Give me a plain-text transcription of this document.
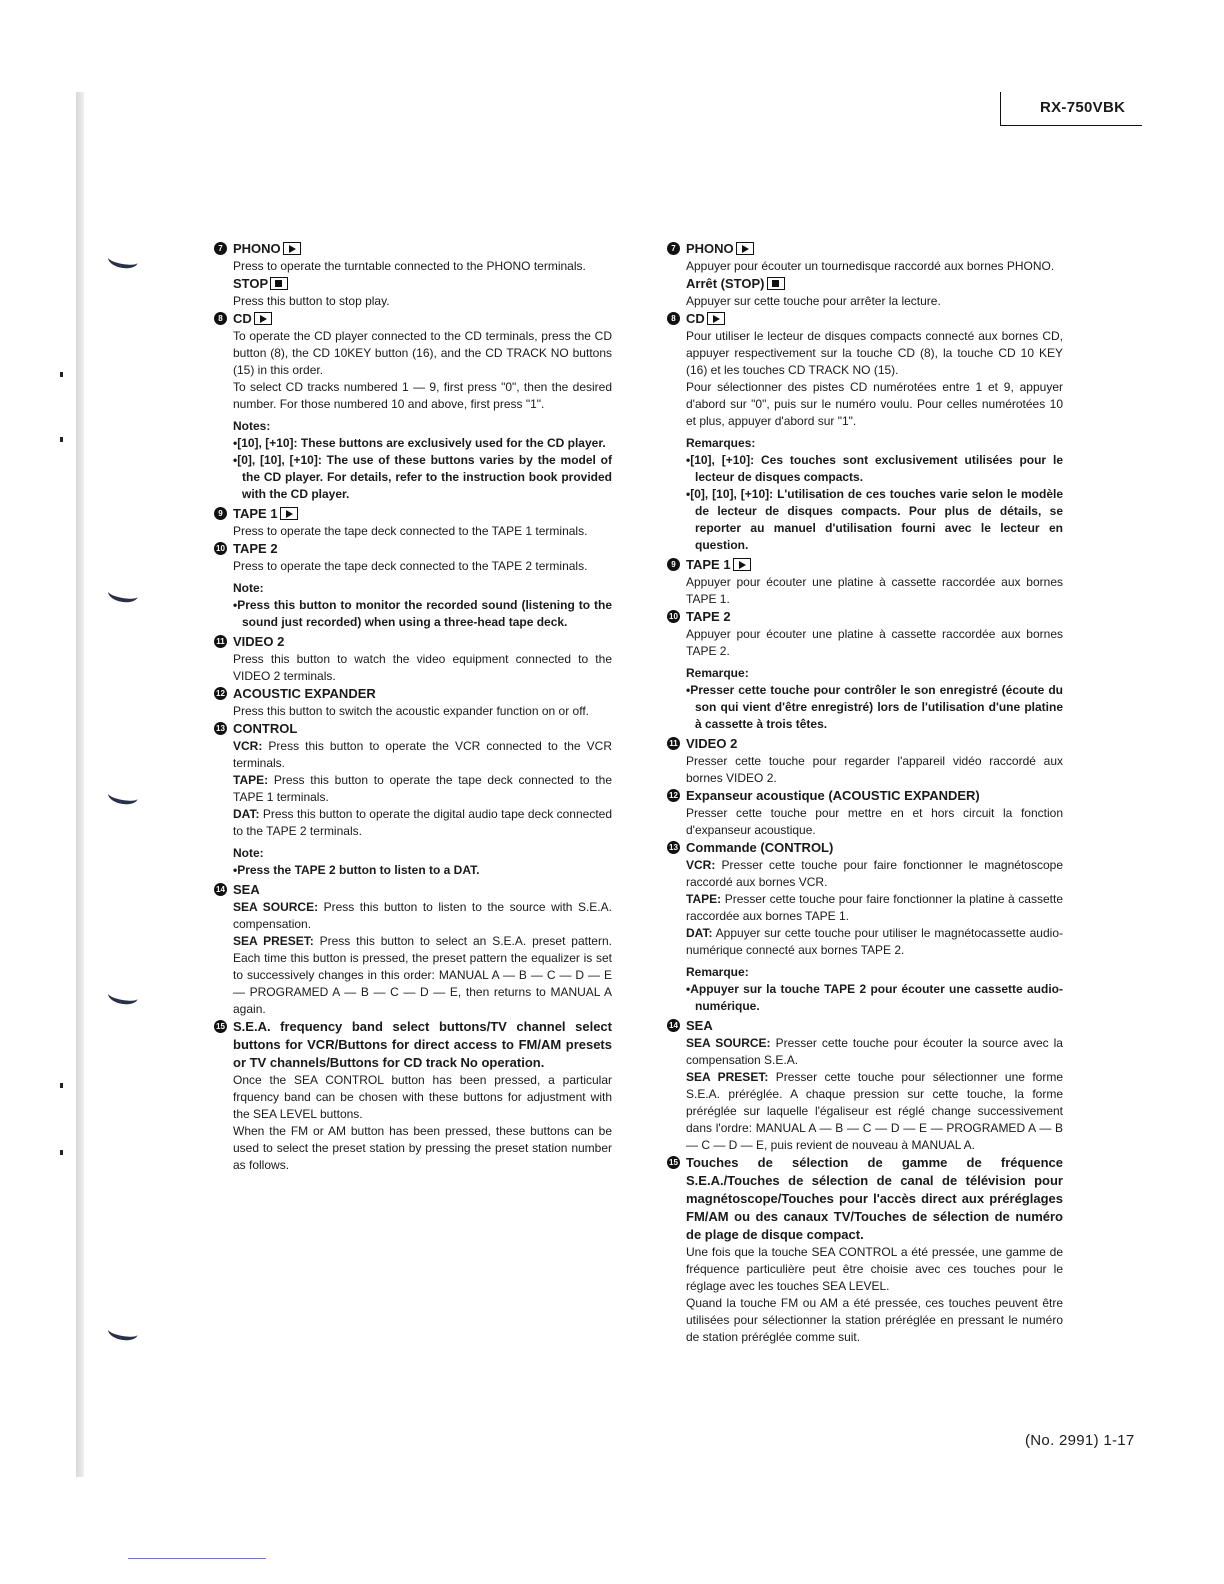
RX-750VBK
7 PHONO
Press to operate the turntable connected to the PHONO terminals.
STOP
Press this button to stop play.
8 CD
To operate the CD player connected to the CD terminals, press the CD button (8), the CD 10KEY button (16), and the CD TRACK NO buttons (15) in this order.
To select CD tracks numbered 1 — 9, first press "0", then the desired number. For those numbered 10 and above, first press "1".
Notes:
•[10], [+10]: These buttons are exclusively used for the CD player.
•[0], [10], [+10]: The use of these buttons varies by the model of the CD player. For details, refer to the instruction book provided with the CD player.
9 TAPE 1
Press to operate the tape deck connected to the TAPE 1 terminals.
10 TAPE 2
Press to operate the tape deck connected to the TAPE 2 terminals.
Note:
•Press this button to monitor the recorded sound (listening to the sound just recorded) when using a three-head tape deck.
11 VIDEO 2
Press this button to watch the video equipment connected to the VIDEO 2 terminals.
12 ACOUSTIC EXPANDER
Press this button to switch the acoustic expander function on or off.
13 CONTROL
VCR: Press this button to operate the VCR connected to the VCR terminals.
TAPE: Press this button to operate the tape deck connected to the TAPE 1 terminals.
DAT: Press this button to operate the digital audio tape deck connected to the TAPE 2 terminals.
Note:
•Press the TAPE 2 button to listen to a DAT.
14 SEA
SEA SOURCE: Press this button to listen to the source with S.E.A. compensation.
SEA PRESET: Press this button to select an S.E.A. preset pattern. Each time this button is pressed, the preset pattern the equalizer is set to successively changes in this order: MANUAL A — B — C — D — E — PROGRAMED A — B — C — D — E, then returns to MANUAL A again.
15 S.E.A. frequency band select buttons/TV channel select buttons for VCR/Buttons for direct access to FM/AM presets or TV channels/Buttons for CD track No operation.
Once the SEA CONTROL button has been pressed, a particular frquency band can be chosen with these buttons for adjustment with the SEA LEVEL buttons.
When the FM or AM button has been pressed, these buttons can be used to select the preset station by pressing the preset station number as follows.
7 PHONO
Appuyer pour écouter un tournedisque raccordé aux bornes PHONO.
Arrêt (STOP)
Appuyer sur cette touche pour arrêter la lecture.
8 CD
Pour utiliser le lecteur de disques compacts connecté aux bornes CD, appuyer respectivement sur la touche CD (8), la touche CD 10 KEY (16) et les touches CD TRACK NO (15).
Pour sélectionner des pistes CD numérotées entre 1 et 9, appuyer d'abord sur "0", puis sur le numéro voulu. Pour celles numérotées 10 et plus, appuyer d'abord sur "1".
Remarques:
•[10], [+10]: Ces touches sont exclusivement utilisées pour le lecteur de disques compacts.
•[0], [10], [+10]: L'utilisation de ces touches varie selon le modèle de lecteur de disques compacts. Pour plus de détails, se reporter au manuel d'utilisation fourni avec le lecteur en question.
9 TAPE 1
Appuyer pour écouter une platine à cassette raccordée aux bornes TAPE 1.
10 TAPE 2
Appuyer pour écouter une platine à cassette raccordée aux bornes TAPE 2.
Remarque:
•Presser cette touche pour contrôler le son enregistré (écoute du son qui vient d'être enregistré) lors de l'utilisation d'une platine à cassette à trois têtes.
11 VIDEO 2
Presser cette touche pour regarder l'appareil vidéo raccordé aux bornes VIDEO 2.
12 Expanseur acoustique (ACOUSTIC EXPANDER)
Presser cette touche pour mettre en et hors circuit la fonction d'expanseur acoustique.
13 Commande (CONTROL)
VCR: Presser cette touche pour faire fonctionner le magnétoscope raccordé aux bornes VCR.
TAPE: Presser cette touche pour faire fonctionner la platine à cassette raccordée aux bornes TAPE 1.
DAT: Appuyer sur cette touche pour utiliser le magnétocassette audio-numérique connecté aux bornes TAPE 2.
Remarque:
•Appuyer sur la touche TAPE 2 pour écouter une cassette audio-numérique.
14 SEA
SEA SOURCE: Presser cette touche pour écouter la source avec la compensation S.E.A.
SEA PRESET: Presser cette touche pour sélectionner une forme S.E.A. préréglée. A chaque pression sur cette touche, la forme préréglée sur laquelle l'égaliseur est réglé change successivement dans l'ordre: MANUAL A — B — C — D — E — PROGRAMED A — B — C — D — E, puis revient de nouveau à MANUAL A.
15 Touches de sélection de gamme de fréquence S.E.A./Touches de sélection de canal de télévision pour magnétoscope/Touches pour l'accès direct aux préréglages FM/AM ou des canaux TV/Touches de sélection de numéro de plage de disque compact.
Une fois que la touche SEA CONTROL a été pressée, une gamme de fréquence particulière peut être choisie avec ces touches pour le réglage avec les touches SEA LEVEL.
Quand la touche FM ou AM a été pressée, ces touches peuvent être utilisées pour sélectionner la station préréglée en pressant le numéro de station préréglée comme suit.
(No. 2991) 1-17
